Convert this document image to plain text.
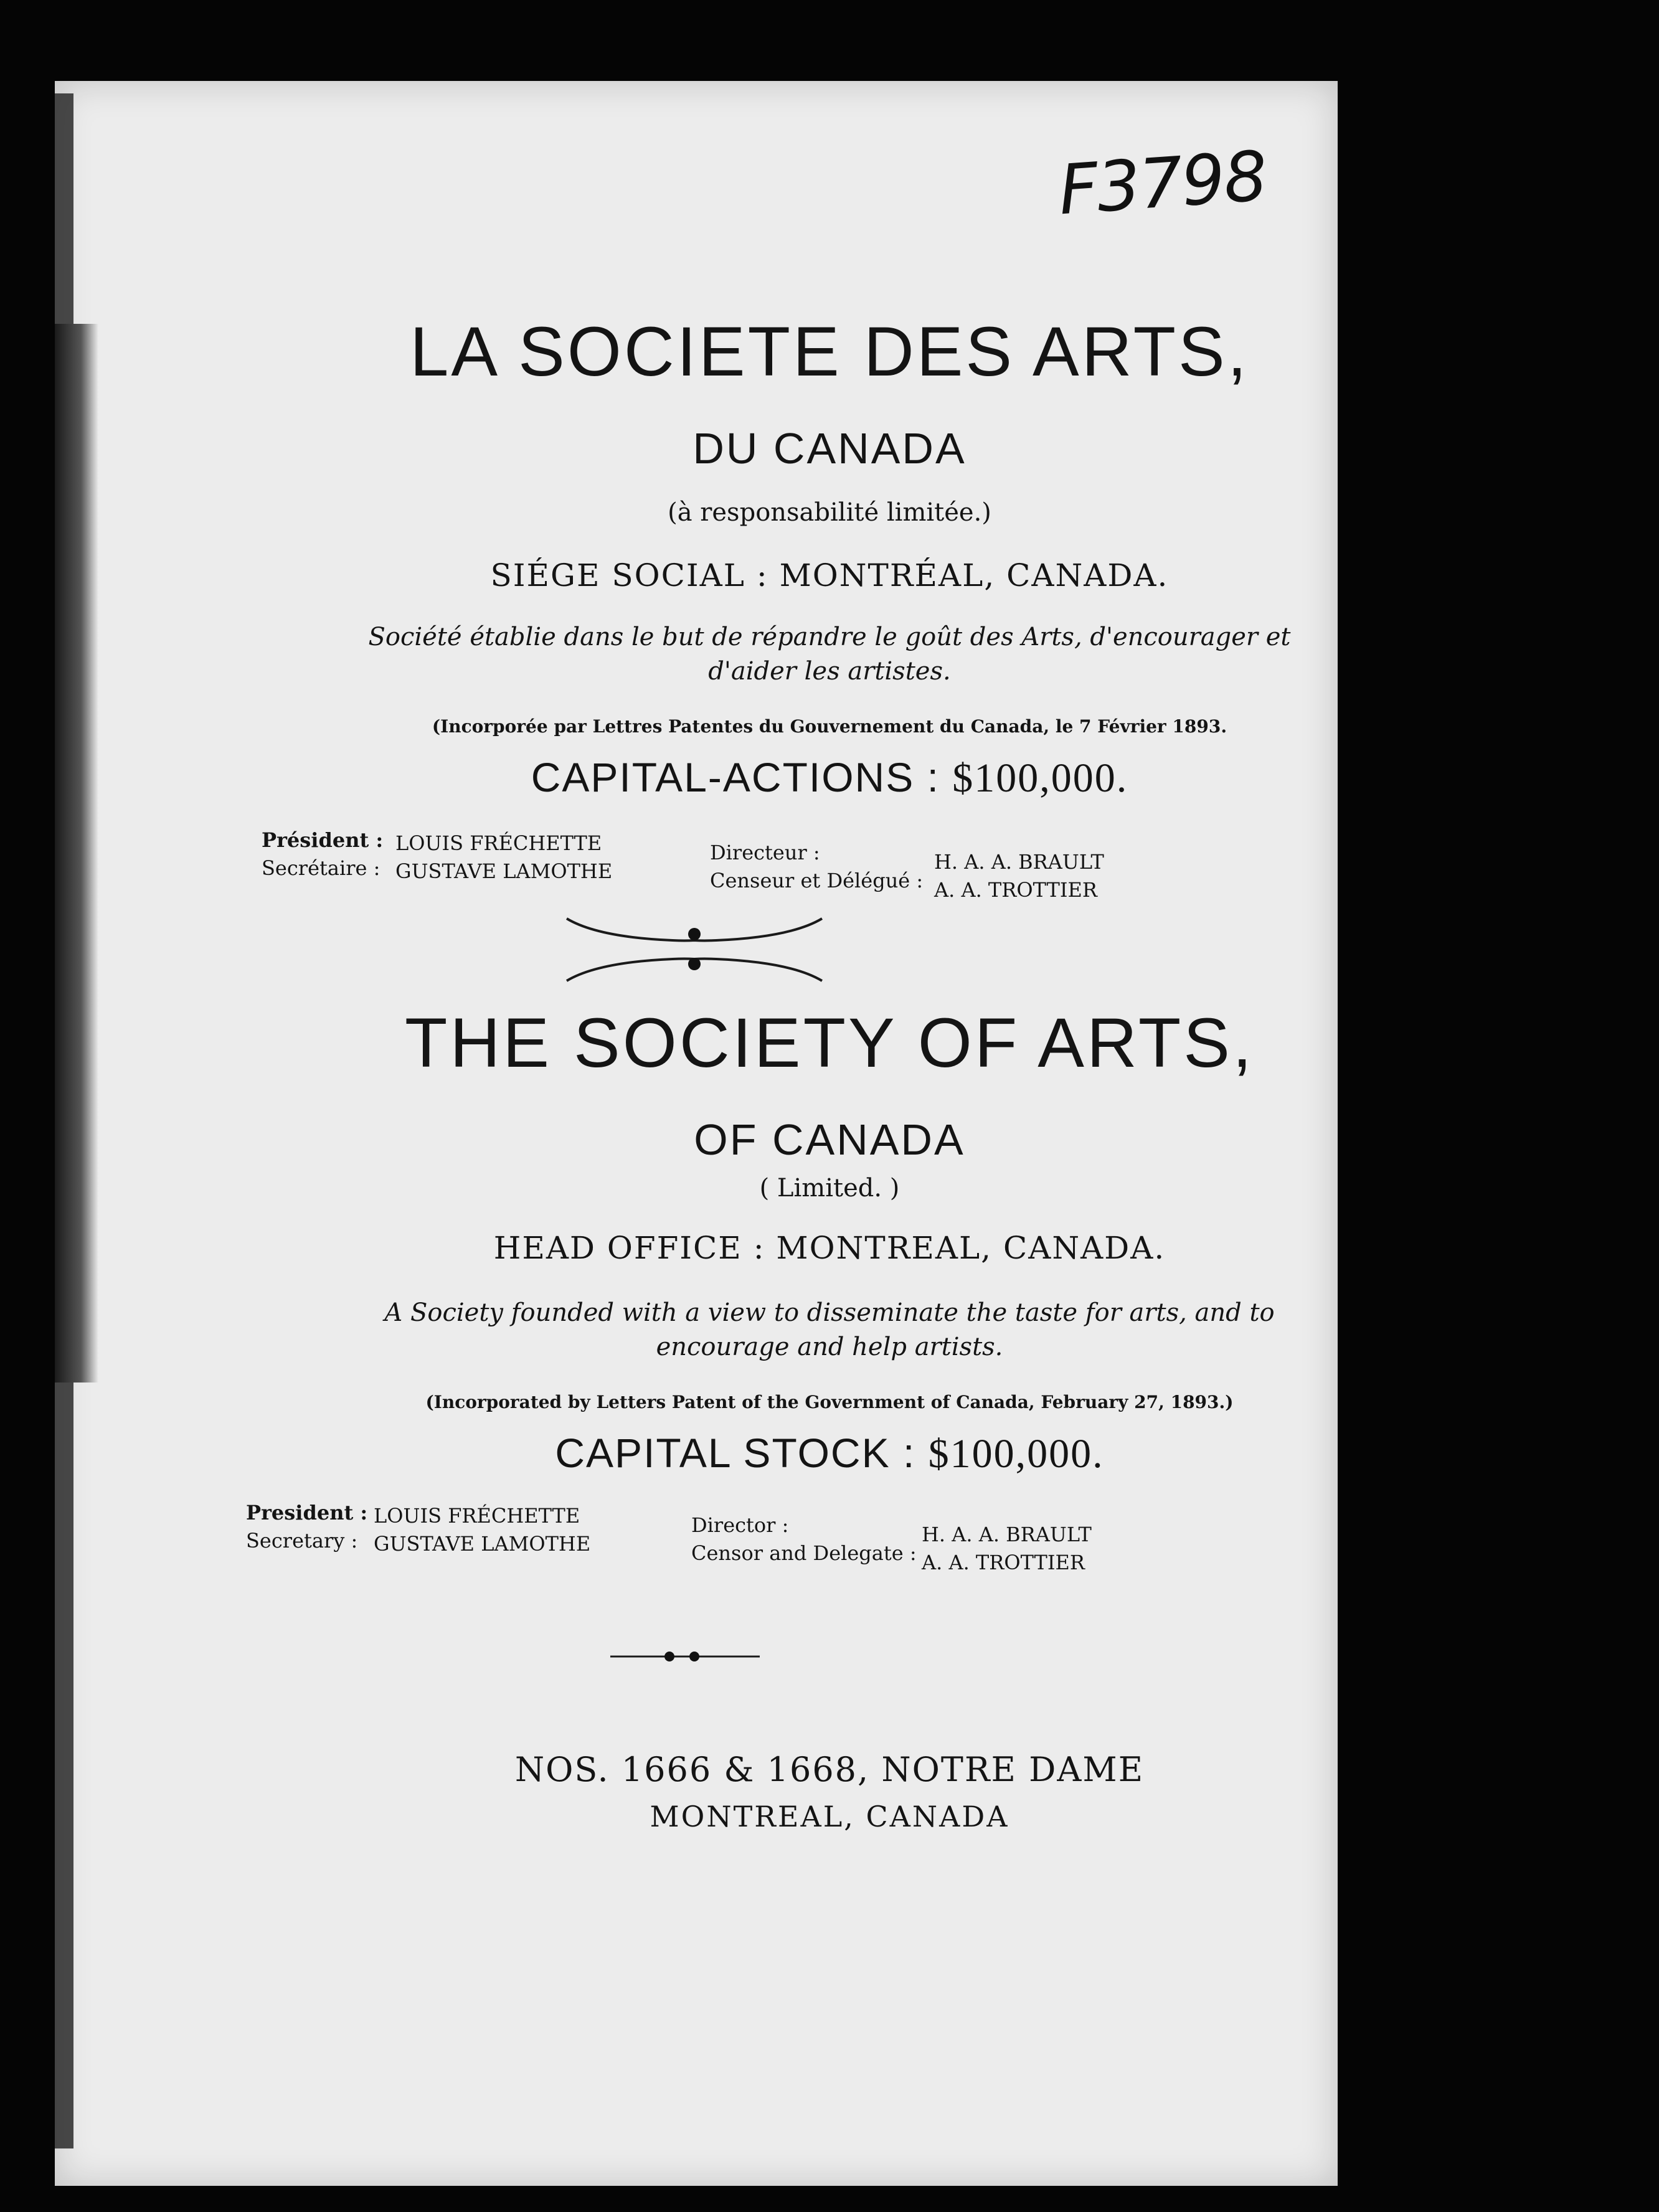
F3798
LA SOCIETE DES ARTS,
DU CANADA
(à responsabilité limitée.)
SIÉGE SOCIAL : MONTRÉAL, CANADA.
Société établie dans le but de répandre le goût des Arts, d'encourager et
d'aider les artistes.
(Incorporée par Lettres Patentes du Gouvernement du Canada, le 7 Février 1893.
CAPITAL-ACTIONS : $100,000.
Président : LOUIS FRÉCHETTE
Secrétaire : GUSTAVE LAMOTHE
Directeur :	H. A. A. BRAULT
Censeur et Délégué : A. A. TROTTIER
THE SOCIETY OF ARTS,
OF CANADA
( Limited. )
HEAD OFFICE : MONTREAL, CANADA.
A Society founded with a view to disseminate the taste for arts, and to
encourage and help artists.
(Incorporated by Letters Patent of the Government of Canada, February 27, 1893.)
CAPITAL STOCK : $100,000.
President : LOUIS FRÉCHETTE
Secretary : GUSTAVE LAMOTHE
Director :	H. A. A. BRAULT
Censor and Delegate : A. A. TROTTIER
NOS. 1666 & 1668, NOTRE DAME
MONTREAL, CANADA
